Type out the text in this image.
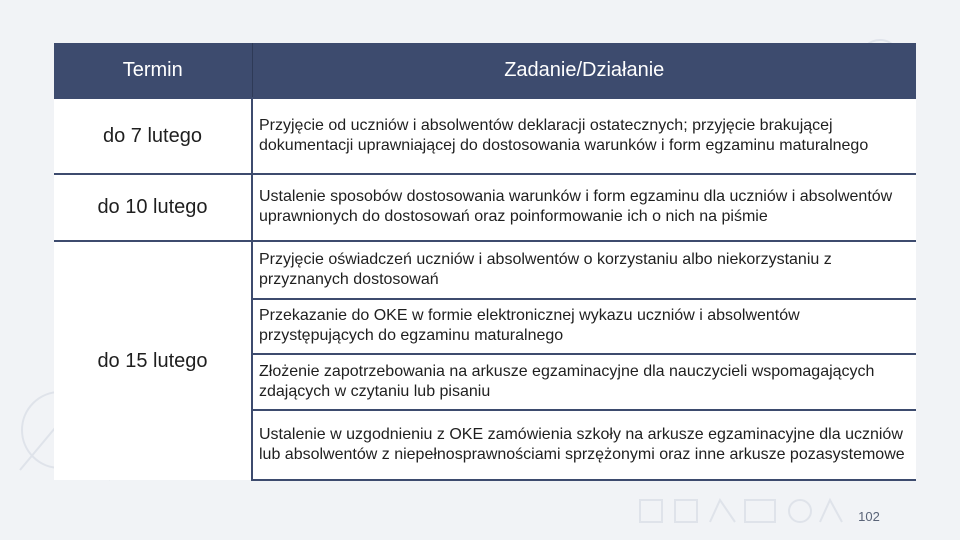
Termin	Zadanie/Działanie
do 7 lutego	Przyjęcie od uczniów i absolwentów deklaracji ostatecznych; przyjęcie brakującej dokumentacji uprawniającej do dostosowania warunków i form egzaminu maturalnego
do 10 lutego	Ustalenie sposobów dostosowania warunków i form egzaminu dla uczniów i absolwentów uprawnionych do dostosowań oraz poinformowanie ich o nich na piśmie
do 15 lutego	Przyjęcie oświadczeń uczniów i absolwentów o korzystaniu albo niekorzystaniu z przyznanych dostosowań
	Przekazanie do OKE w formie elektronicznej wykazu uczniów i absolwentów przystępujących do egzaminu maturalnego
	Złożenie zapotrzebowania na arkusze egzaminacyjne dla nauczycieli wspomagających zdających w czytaniu lub pisaniu
	Ustalenie w uzgodnieniu z OKE zamówienia szkoły na arkusze egzaminacyjne dla uczniów lub absolwentów z niepełnosprawnościami sprzężonymi oraz inne arkusze pozasystemowe
102
